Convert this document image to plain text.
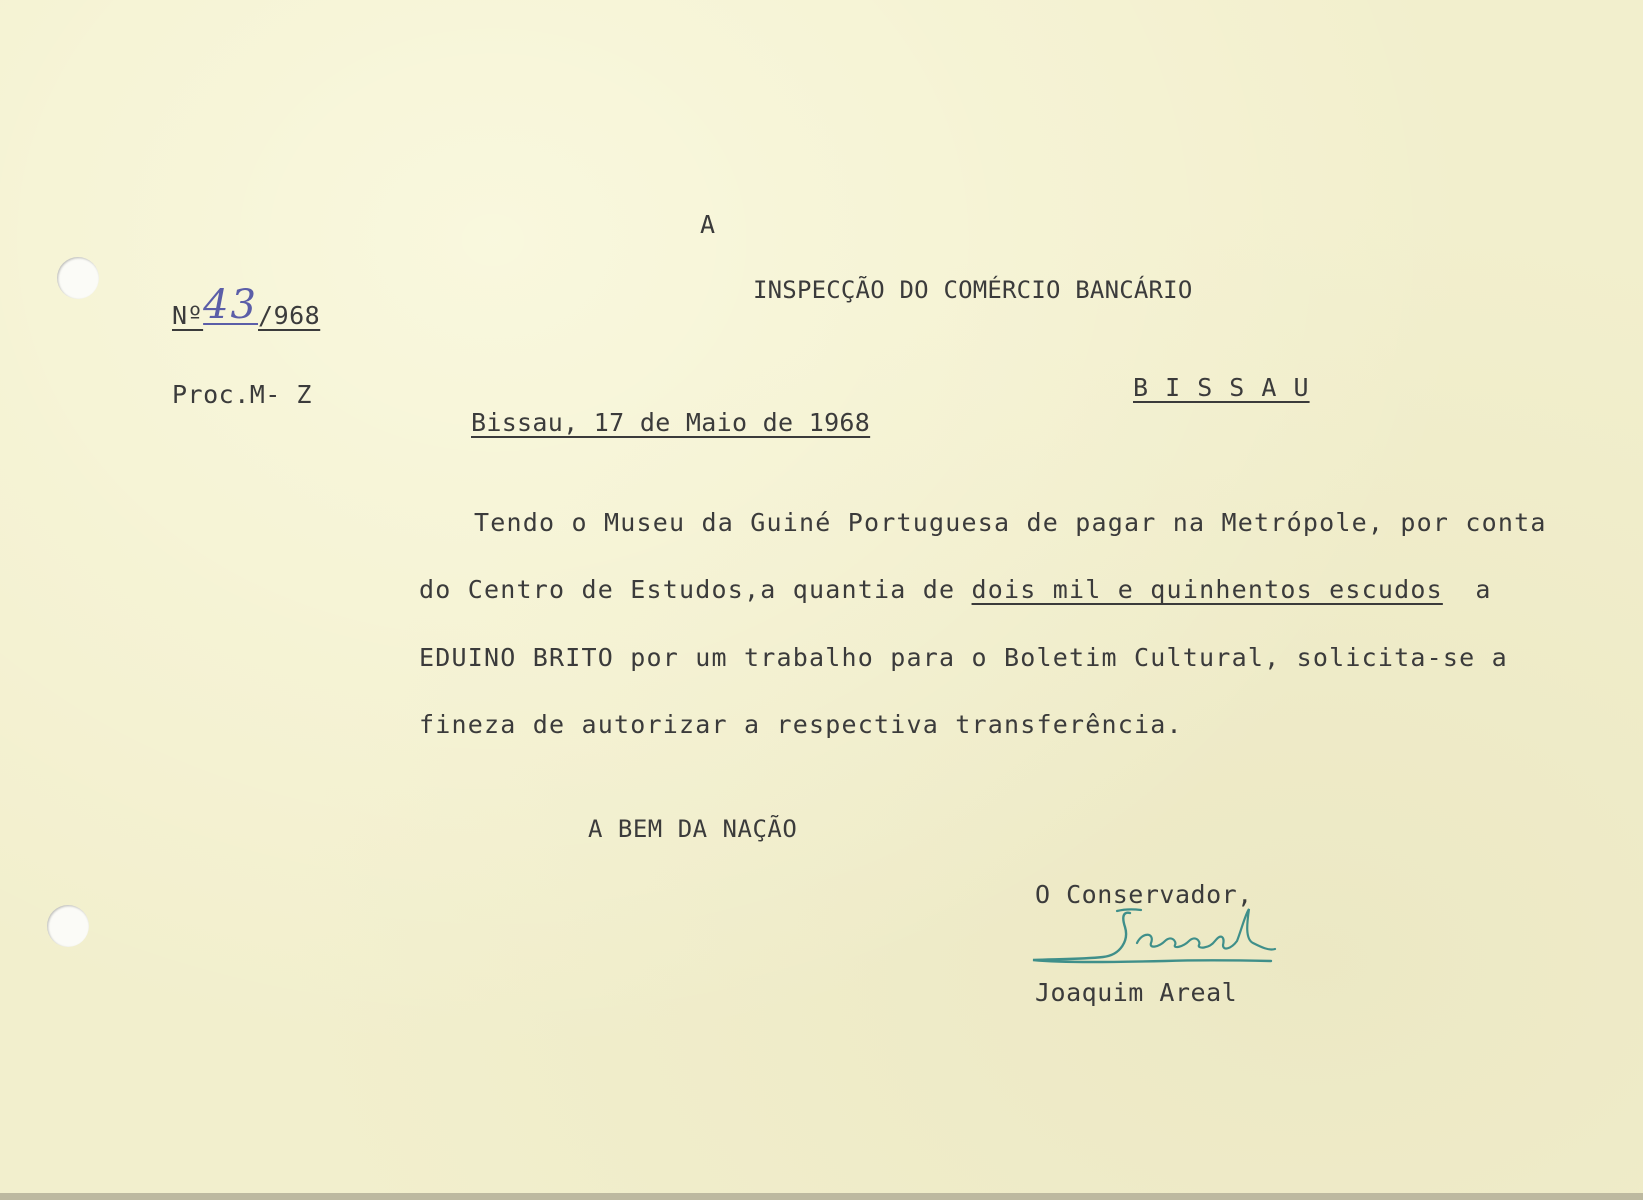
A
INSPECÇÃO DO COMÉRCIO BANCÁRIO
B I S S A U
Nº43/968
Proc.M- Z
Bissau, 17 de Maio de 1968
Tendo o Museu da Guiné Portuguesa de pagar na Metrópole, por conta
do Centro de Estudos,a quantia de dois mil e quinhentos escudos  a
EDUINO BRITO por um trabalho para o Boletim Cultural, solicita-se a
fineza de autorizar a respectiva transferência.
A BEM DA NAÇÃO
O Conservador,
Joaquim Areal
